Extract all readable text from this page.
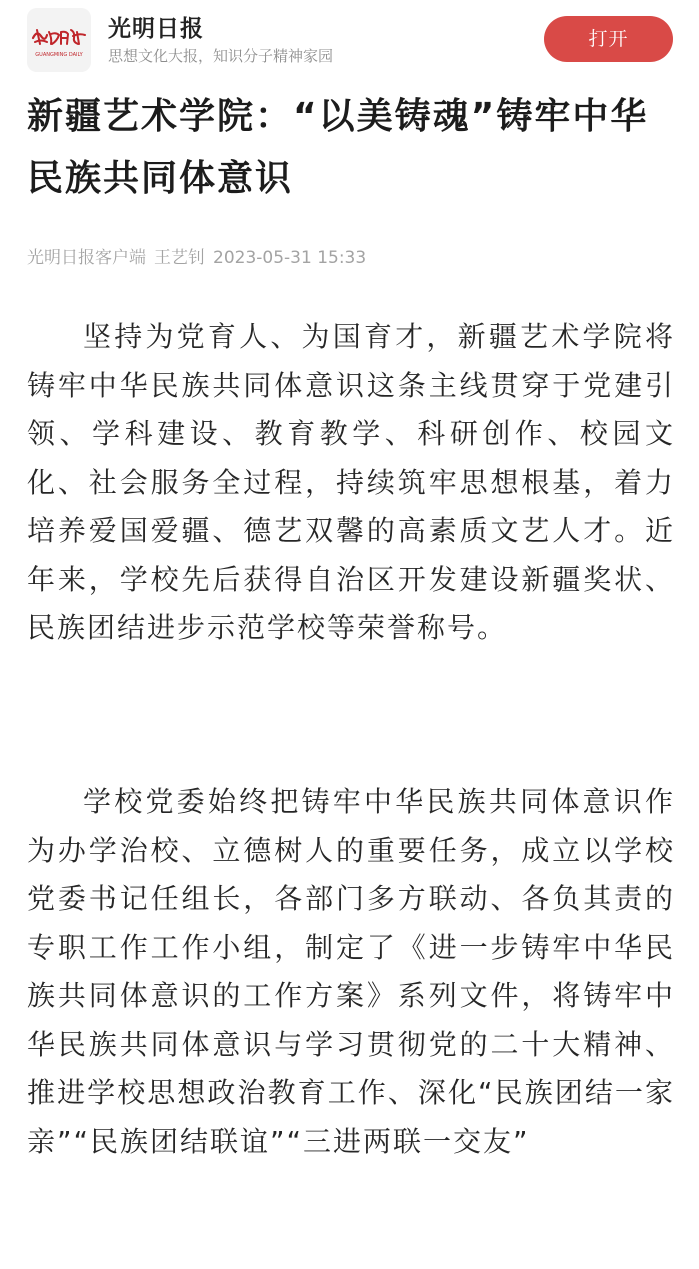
GUANGMING DAILY
光明日报
思想文化大报，知识分子精神家园
打开
新疆艺术学院：“以美铸魂”铸牢中华民族共同体意识
光明日报客户端 王艺钊 2023-05-31 15:33

坚持为党育人、为国育才，新疆艺术学院将铸牢中华民族共同体意识这条主线贯穿于党建引领、学科建设、教育教学、科研创作、校园文化、社会服务全过程，持续筑牢思想根基，着力培养爱国爱疆、德艺双馨的高素质文艺人才。近年来，学校先后获得自治区开发建设新疆奖状、民族团结进步示范学校等荣誉称号。

学校党委始终把铸牢中华民族共同体意识作为办学治校、立德树人的重要任务，成立以学校党委书记任组长，各部门多方联动、各负其责的专职工作工作小组，制定了《进一步铸牢中华民族共同体意识的工作方案》系列文件，将铸牢中华民族共同体意识与学习贯彻党的二十大精神、推进学校思想政治教育工作、深化“民族团结一家亲”“民族团结联谊”“三进两联一交友”
